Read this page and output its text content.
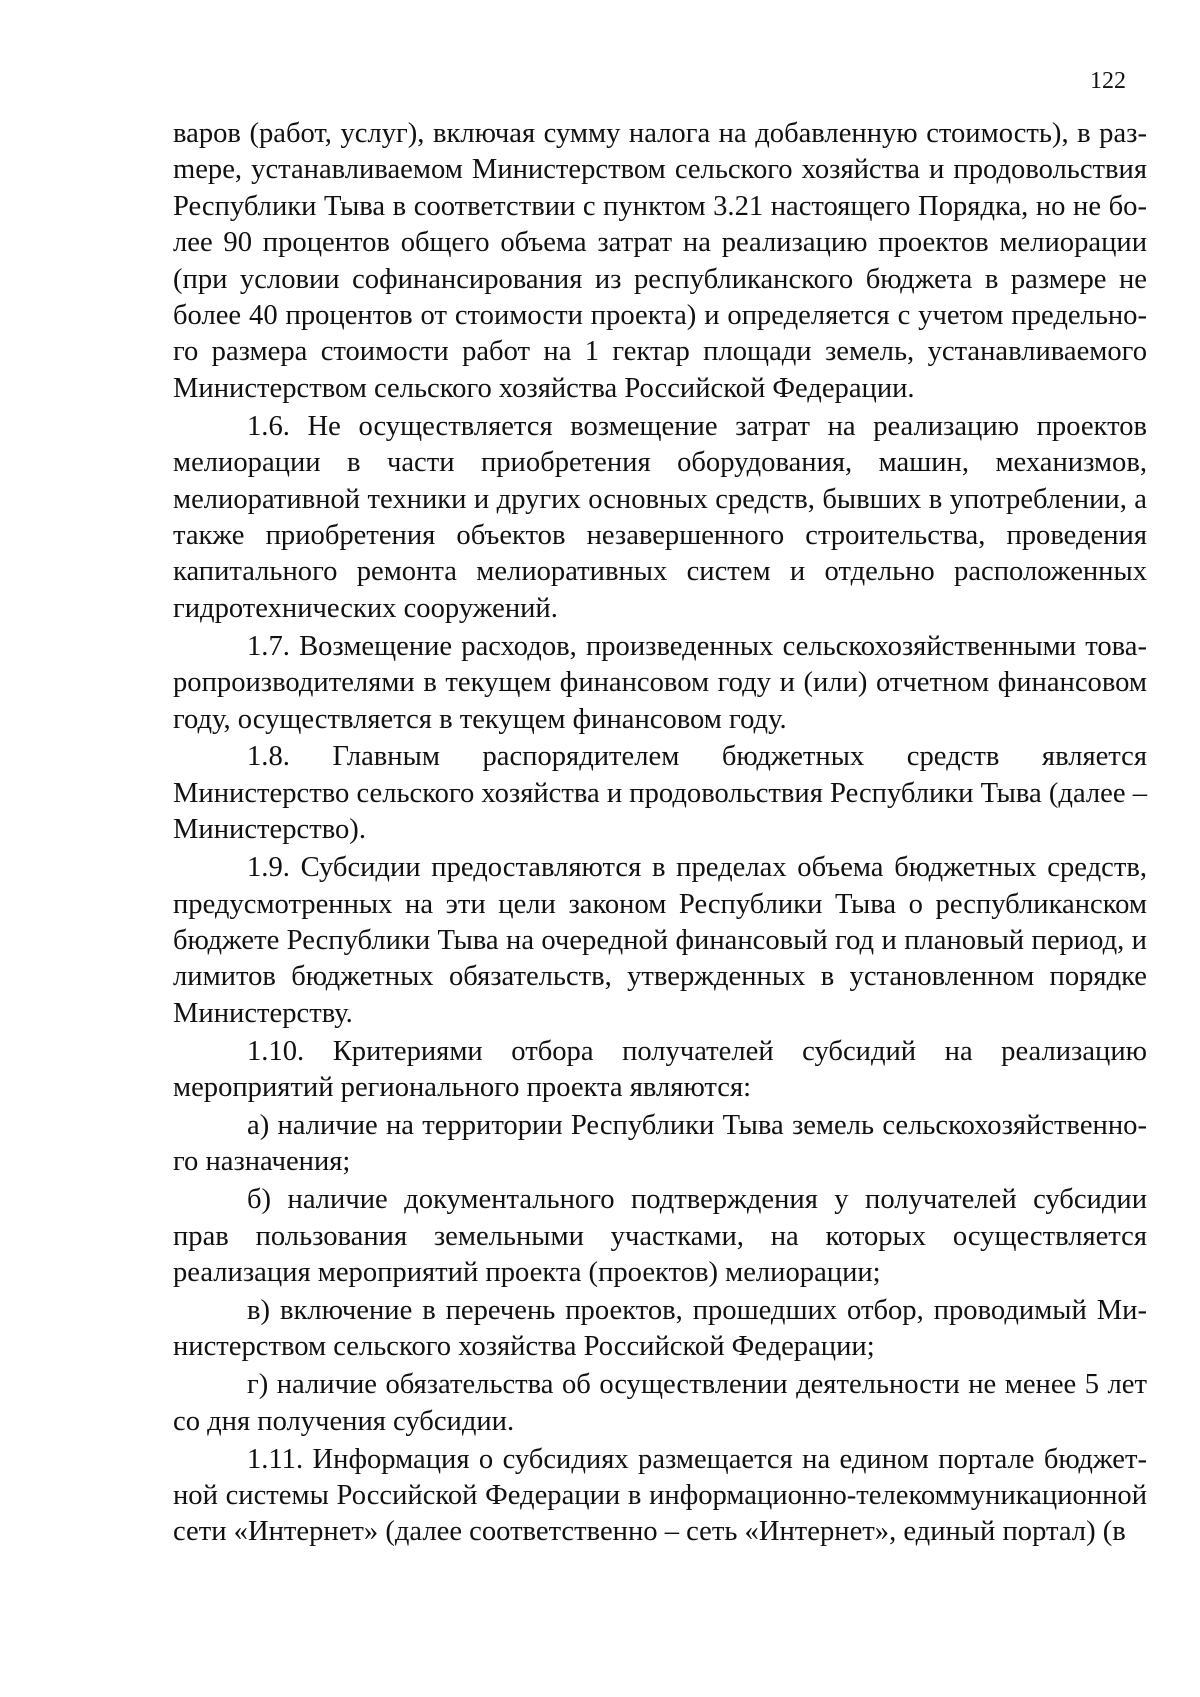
122

варов (работ, услуг), включая сумму налога на добавленную стоимость), в разmере, устанавливаемом Министерством сельского хозяйства и продовольствия Республики Тыва в соответствии с пунктом 3.21 настоящего Порядка, но не более 90 процентов общего объема затрат на реализацию проектов мелиорации (при условии софинансирования из республиканского бюджета в размере не более 40 процентов от стоимости проекта) и определяется с учетом предельного размера стоимости работ на 1 гектар площади земель, устанавливаемого Министерством сельского хозяйства Российской Федерации.

1.6. Не осуществляется возмещение затрат на реализацию проектов мелиорации в части приобретения оборудования, машин, механизмов, мелиоративной техники и других основных средств, бывших в употреблении, а также приобретения объектов незавершенного строительства, проведения капитального ремонта мелиоративных систем и отдельно расположенных гидротехнических сооружений.

1.7. Возмещение расходов, произведенных сельскохозяйственными товаропроизводителями в текущем финансовом году и (или) отчетном финансовом году, осуществляется в текущем финансовом году.

1.8. Главным распорядителем бюджетных средств является Министерство сельского хозяйства и продовольствия Республики Тыва (далее – Министерство).

1.9. Субсидии предоставляются в пределах объема бюджетных средств, предусмотренных на эти цели законом Республики Тыва о республиканском бюджете Республики Тыва на очередной финансовый год и плановый период, и лимитов бюджетных обязательств, утвержденных в установленном порядке Министерству.

1.10. Критериями отбора получателей субсидий на реализацию мероприятий регионального проекта являются:

а) наличие на территории Республики Тыва земель сельскохозяйственного назначения;

б) наличие документального подтверждения у получателей субсидии прав пользования земельными участками, на которых осуществляется реализация мероприятий проекта (проектов) мелиорации;

в) включение в перечень проектов, прошедших отбор, проводимый Министерством сельского хозяйства Российской Федерации;

г) наличие обязательства об осуществлении деятельности не менее 5 лет со дня получения субсидии.

1.11. Информация о субсидиях размещается на едином портале бюджетной системы Российской Федерации в информационно-телекоммуникационной сети «Интернет» (далее соответственно – сеть «Интернет», единый портал) (в
